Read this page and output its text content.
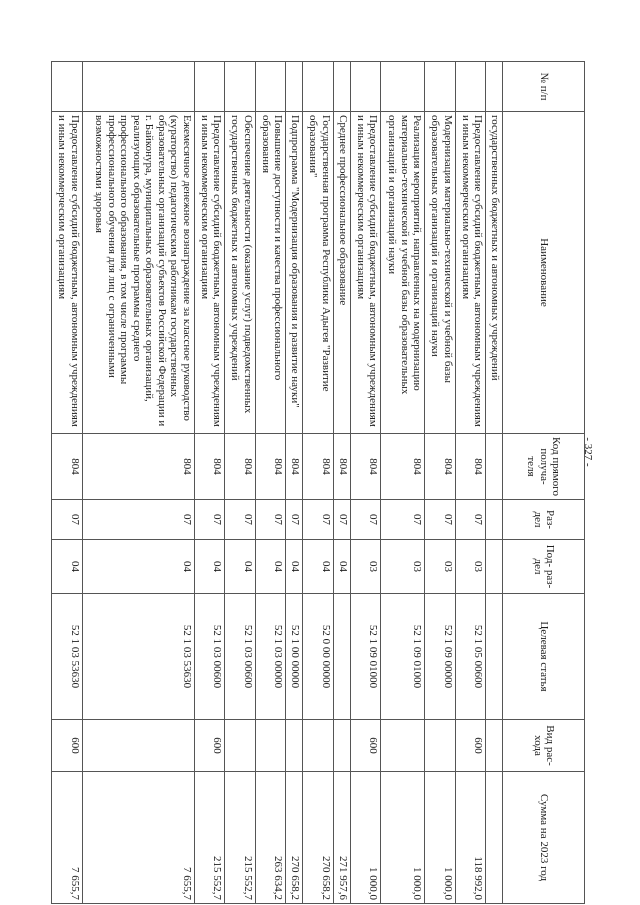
- 327 -
№ п/п	Наименование	Код прямого получа- теля	Раз- дел	Под- раз- дел	Целевая статья	Вид рас- хода	Сумма на 2023 год
	государственных бюджетных и автономных учреждений						
	Предоставление субсидий бюджетным, автономным учреждениям и иным некоммерческим организациям	804	07	03	52 1 05 00600	600	118 992,0
	Модернизация материально-технической и учебной базы образовательных организаций и организаций науки	804	07	03	52 1 09 00000		1 000,0
	Реализация мероприятий, направленных на модернизацию материально-технической и учебной базы образовательных организаций и организаций науки	804	07	03	52 1 09 01000		1 000,0
	Предоставление субсидий бюджетным, автономным учреждениям и иным некоммерческим организациям	804	07	03	52 1 09 01000	600	1 000,0
	Среднее профессиональное образование	804	07	04			271 957,6
	Государственная программа Республики Адыгея "Развитие образования"	804	07	04	52 0 00 00000		270 658,2
	Подпрограмма "Модернизация образования и развитие науки"	804	07	04	52 1 00 00000		270 658,2
	Повышение доступности и качества профессионального образования	804	07	04	52 1 03 00000		263 634,2
	Обеспечение деятельности (оказание услуг) подведомственных государственных бюджетных и автономных учреждений	804	07	04	52 1 03 00600		215 552,7
	Предоставление субсидий бюджетным, автономным учреждениям и иным некоммерческим организациям	804	07	04	52 1 03 00600	600	215 552,7
	Ежемесячное денежное вознаграждение за классное руководство (кураторство) педагогическим работникам государственных образовательных организаций субъектов Российской Федерации и г. Байконура, муниципальных образовательных организаций, реализующих образовательные программы среднего профессионального образования, в том числе программы профессионального обучения для лиц с ограниченными возможностями здоровья	804	07	04	52 1 03 53630		7 655,7
	Предоставление субсидий бюджетным, автономным учреждениям и иным некоммерческим организациям	804	07	04	52 1 03 53630	600	7 655,7
